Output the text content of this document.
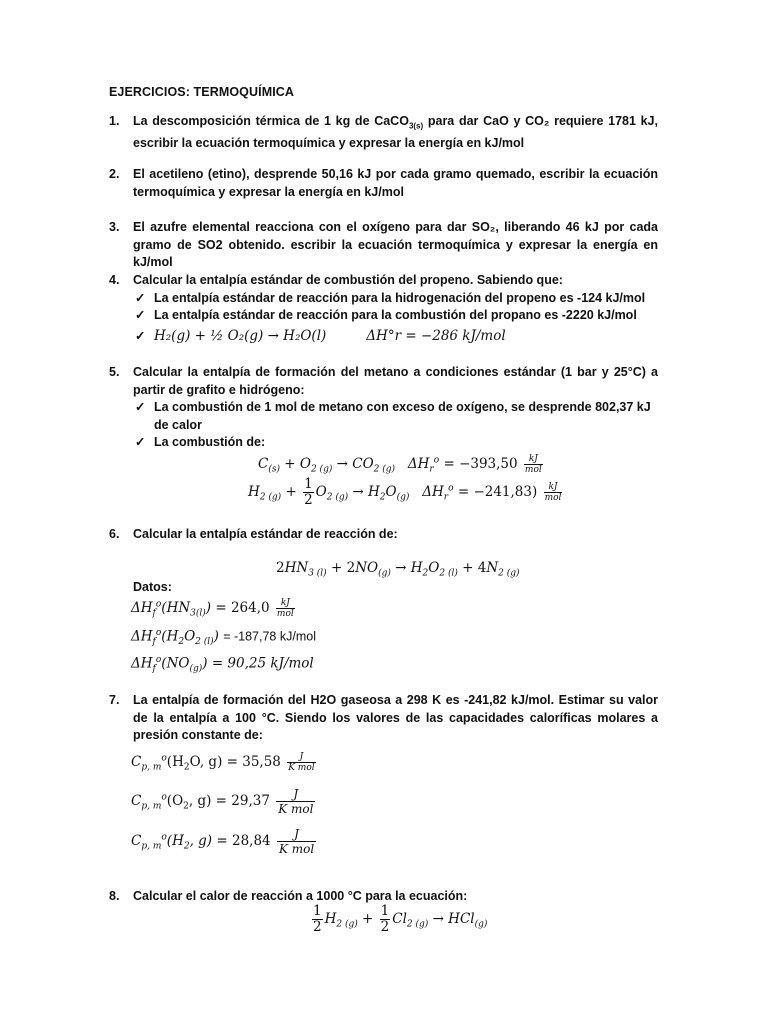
EJERCICIOS: TERMOQUÍMICA
1.	La descomposición térmica de 1 kg de CaCO$_{3(s)}$ para dar CaO y CO₂ requiere 1781 kJ, escribir la ecuación termoquímica y expresar la energía en kJ/mol
2.	El acetileno (etino), desprende 50,16 kJ por cada gramo quemado, escribir la ecuación termoquímica y expresar la energía en kJ/mol
3.	El azufre elemental reacciona con el oxígeno para dar SO₂, liberando 46 kJ por cada gramo de SO2 obtenido. escribir la ecuación termoquímica y expresar la energía en kJ/mol
4.	Calcular la entalpía estándar de combustión del propeno. Sabiendo que:
✓ La entalpía estándar de reacción para la hidrogenación del propeno es -124 kJ/mol
✓ La entalpía estándar de reacción para la combustión del propano es -2220 kJ/mol
✓ H₂(g) + ½ O₂(g) → H₂O(l)	ΔH°r = −286 kJ/mol
5.	Calcular la entalpía de formación del metano a condiciones estándar (1 bar y 25°C) a partir de grafito e hidrógeno:
✓ La combustión de 1 mol de metano con exceso de oxígeno, se desprende 802,37 kJ de calor
✓ La combustión de:
$C_{(s)} + O_{2 (g)} \to CO_{2 (g)}$   $\Delta H_r^o = -393,50 \frac{kJ}{\text{mol}}$
$H_{2 (g)} + \frac{1}{2} O_{2 (g)} \to H_2O_{(g)}$   $\Delta H_r^o = -241,83) \frac{kJ}{\text{mol}}$
6.	Calcular la entalpía estándar de reacción de:
$2HN_{3 (l)} + 2NO_{(g)} \to H_2O_{2 (l)} + 4N_{2 (g)}$
Datos:
$\Delta H_f^o(HN_{3(l)}) = 264,0 \frac{kJ}{\text{mol}}$
$\Delta H_f^o(H_2O_{2 (l)}) = -187,78$ kJ/mol
$\Delta H_f^o(NO_{(g)}) = 90,25$ kJ/mol
7.	La entalpía de formación del H2O gaseosa a 298 K es -241,82 kJ/mol. Estimar su valor de la entalpía a 100 °C. Siendo los valores de las capacidades caloríficas molares a presión constante de:
$C_{p, m}^o(H_2O$, $g) = 35,58 \frac{J}{\text{K mol}}$
$C_{p, m}^o(O_2$, g) = 29,37	J
K mol
$C_{p, m}^o(H_2$, g) = 28,84	J
K mol
8.	Calcular el calor de reacción a 1000 °C para la ecuación:
$\frac{1}{2} H_{2 (g)} + \frac{1}{2} Cl_{2 (g)} \to HCl_{(g)}$
